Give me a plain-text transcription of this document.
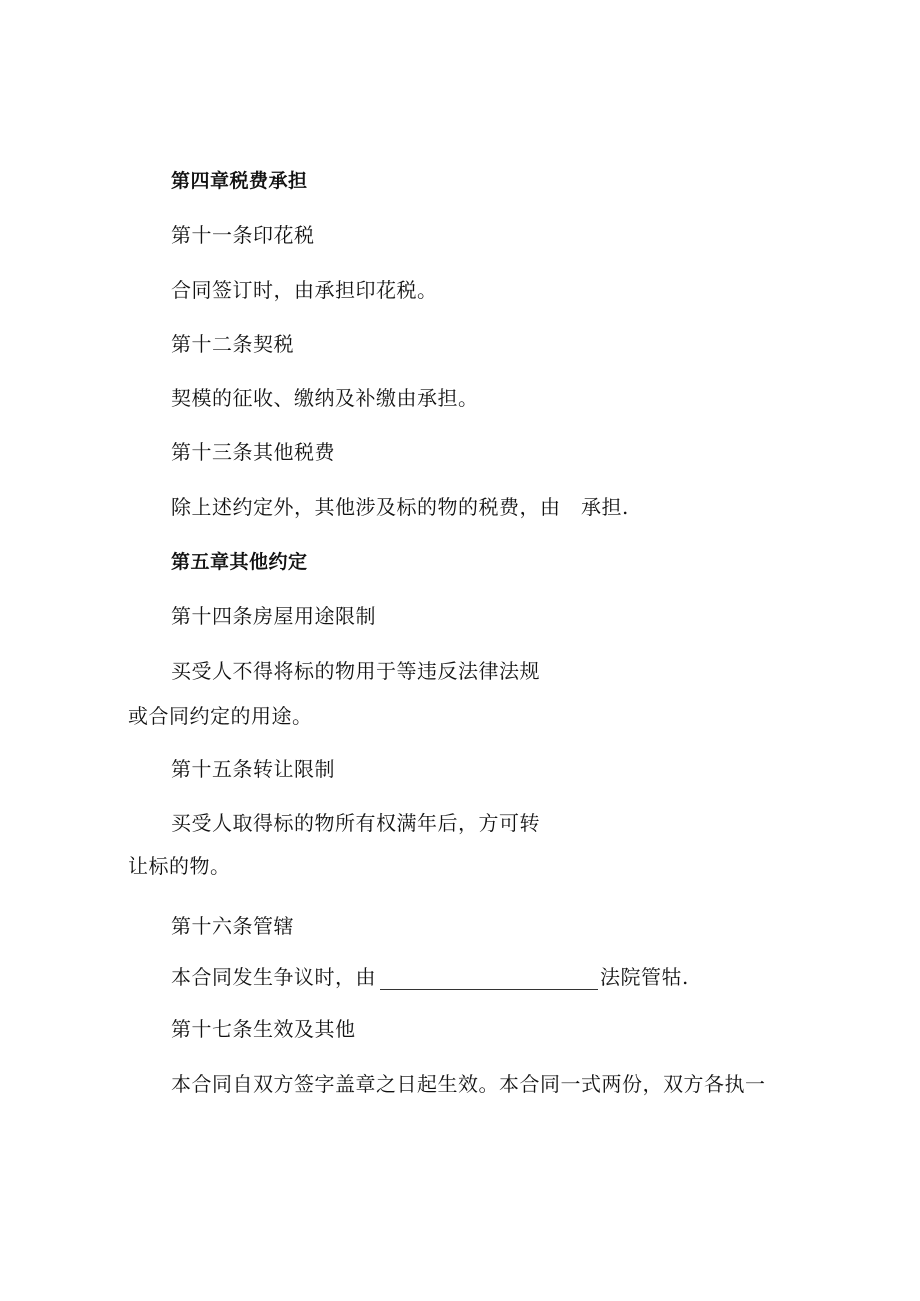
第四章税费承担
第十一条印花税
合同签订时，由承担印花税。
第十二条契税
契模的征收、缴纳及补缴由承担。
第十三条其他税费
除上述约定外，其他涉及标的物的税费，由　承担.
第五章其他约定
第十四条房屋用途限制
买受人不得将标的物用于等违反法律法规
或合同约定的用途。
第十五条转让限制
买受人取得标的物所有权满年后，方可转
让标的物。
第十六条管辖
本合同发生争议时，由	法院管牯.
第十七条生效及其他
本合同自双方签字盖章之日起生效。本合同一式两份，双方各执一
